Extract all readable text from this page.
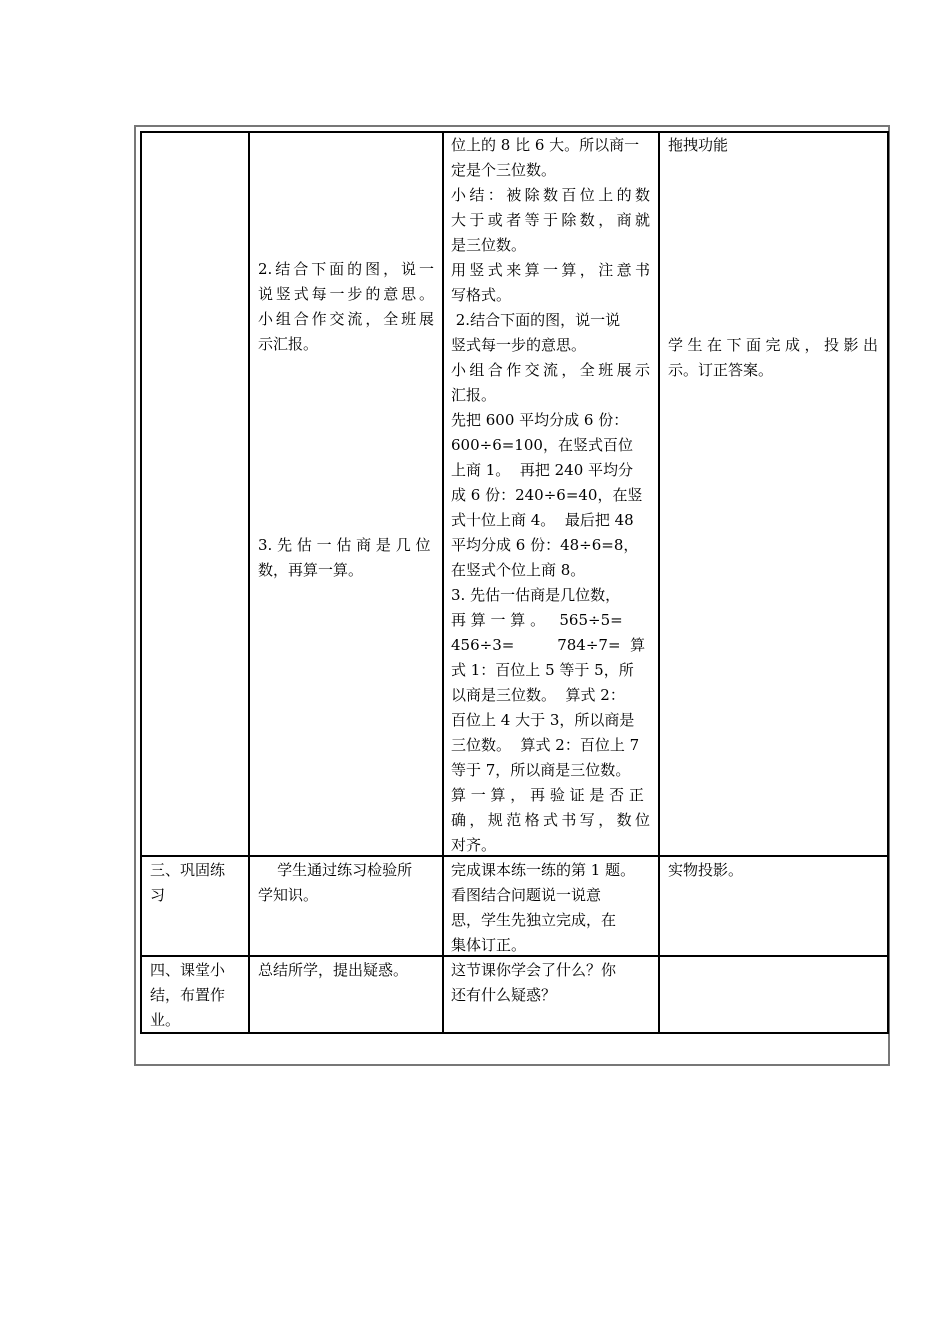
2.结合下面的图，说一
说竖式每一步的意思。
小组合作交流，全班展
示汇报。
3. 先 估 一 估 商 是 几 位
数，再算一算。
位上的 8 比 6 大。所以商一
定是个三位数。
小结：被除数百位上的数
大于或者等于除数，商就
是三位数。
用竖式来算一算，注意书
写格式。
2.结合下面的图，说一说
竖式每一步的意思。
小组合作交流，全班展示
汇报。
先把 600 平均分成 6 份：
600÷6=100，在竖式百位
上商 1。  再把 240 平均分
成 6 份：240÷6=40，在竖
式十位上商 4。  最后把 48
平均分成 6 份：48÷6=8，
在竖式个位上商 8。
3. 先估一估商是几位数，
再 算 一 算 。   565÷5=
456÷3=         784÷7=  算
式 1：百位上 5 等于 5，所
以商是三位数。  算式 2：
百位上 4 大于 3，所以商是
三位数。  算式 2：百位上 7
等于 7，所以商是三位数。
算 一 算 ， 再 验 证 是 否 正
确，规范格式书写，数位
对齐。
拖拽功能
学生在下面完成，投影出
示。订正答案。
三、巩固练
习
学生通过练习检验所
学知识。
完成课本练一练的第 1 题。
看图结合问题说一说意
思，学生先独立完成，在
集体订正。
实物投影。
四、课堂小
结，布置作
业。
总结所学，提出疑惑。	这节课你学会了什么？你
还有什么疑惑？
